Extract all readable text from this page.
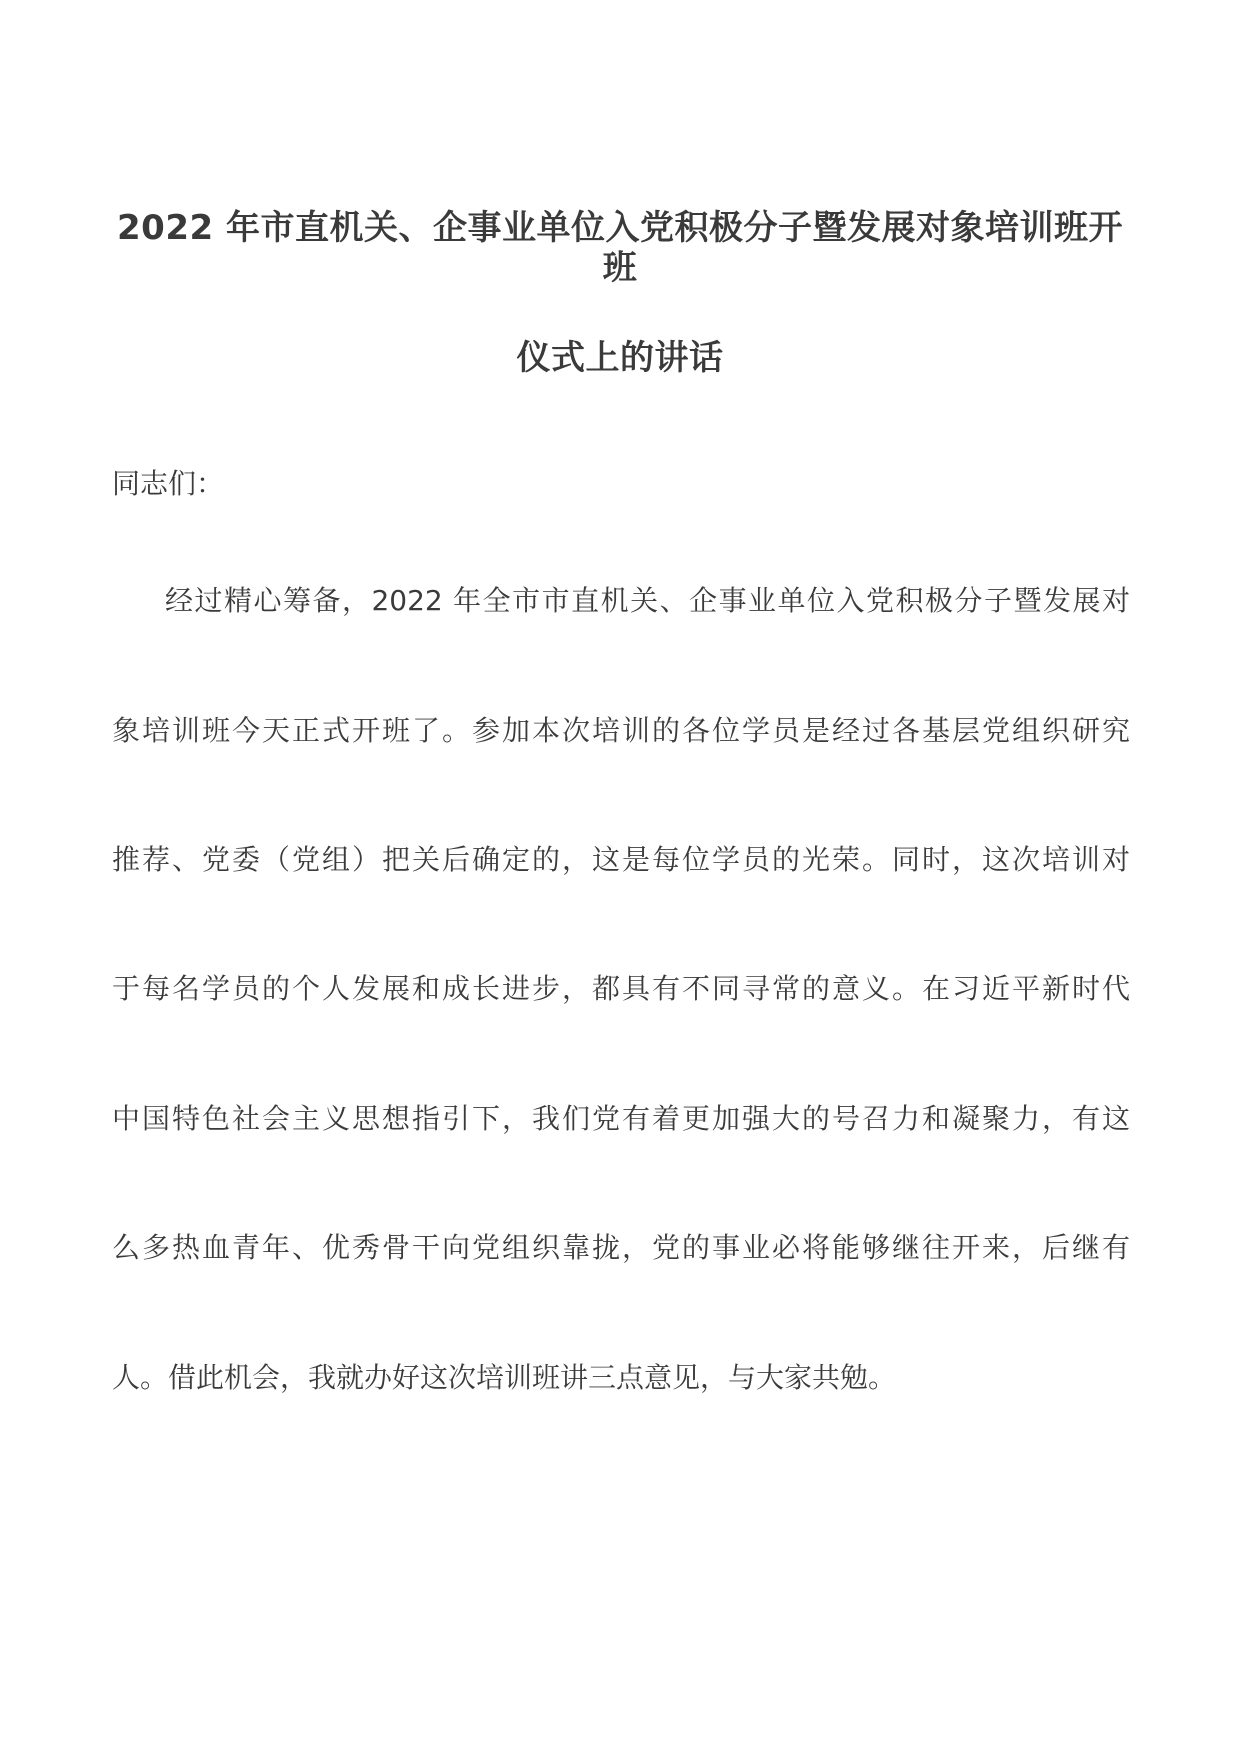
2022 年市直机关、企事业单位入党积极分子暨发展对象培训班开班
仪式上的讲话
同志们：
经过精心筹备，2022 年全市市直机关、企事业单位入党积极分子暨发展对
象培训班今天正式开班了。参加本次培训的各位学员是经过各基层党组织研究
推荐、党委（党组）把关后确定的，这是每位学员的光荣。同时，这次培训对
于每名学员的个人发展和成长进步，都具有不同寻常的意义。在习近平新时代
中国特色社会主义思想指引下，我们党有着更加强大的号召力和凝聚力，有这
么多热血青年、优秀骨干向党组织靠拢，党的事业必将能够继往开来，后继有
人。借此机会，我就办好这次培训班讲三点意见，与大家共勉。
